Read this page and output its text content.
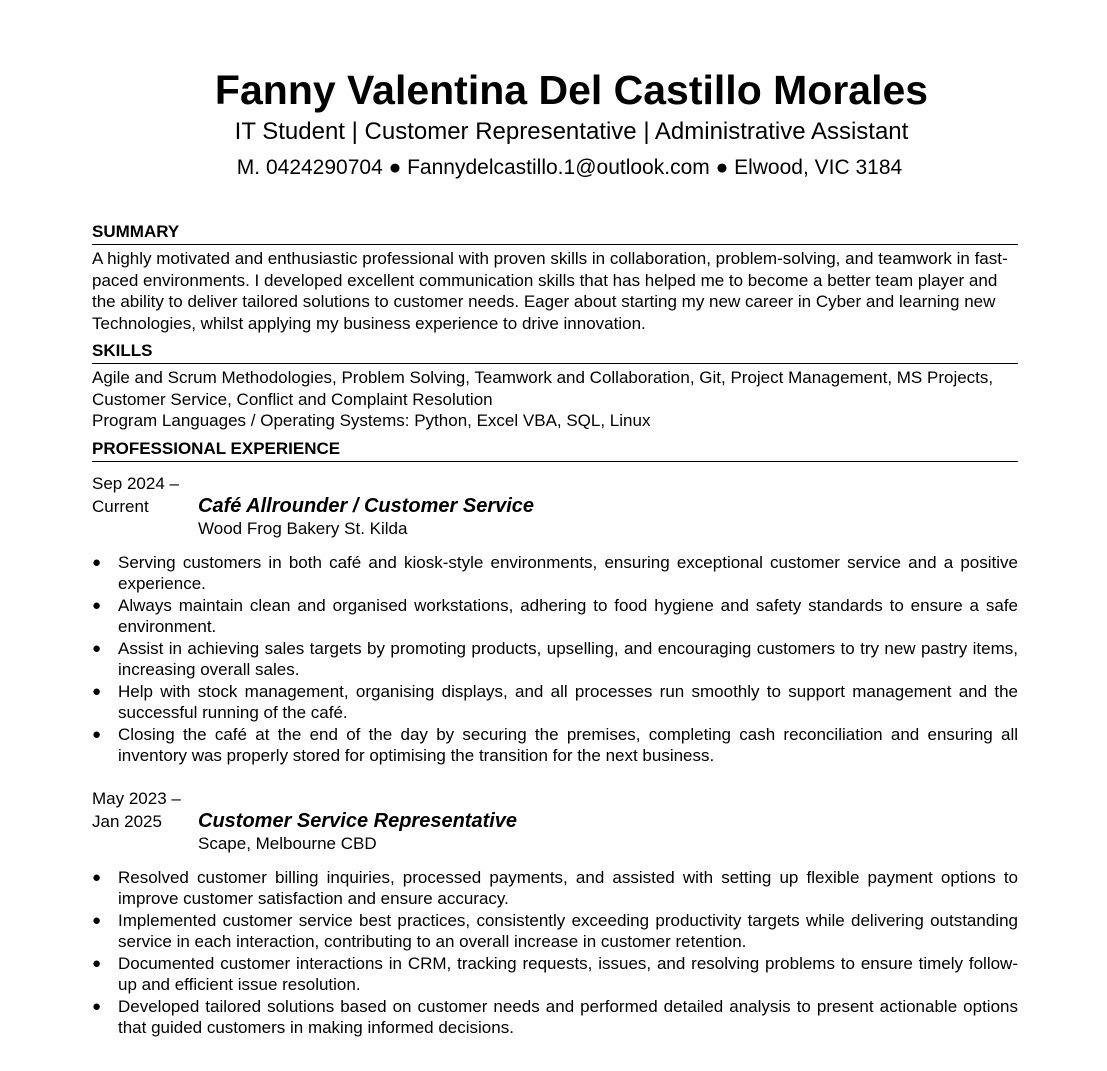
Fanny Valentina Del Castillo Morales
IT Student | Customer Representative | Administrative Assistant
M. 0424290704 ● Fannydelcastillo.1@outlook.com ● Elwood, VIC 3184
SUMMARY

A highly motivated and enthusiastic professional with proven skills in collaboration, problem-solving, and teamwork in fast-paced environments. I developed excellent communication skills that has helped me to become a better team player and the ability to deliver tailored solutions to customer needs. Eager about starting my new career in Cyber and learning new Technologies, whilst applying my business experience to drive innovation.

SKILLS
Agile and Scrum Methodologies, Problem Solving, Teamwork and Collaboration, Git, Project Management, MS Projects, Customer Service, Conflict and Complaint Resolution
Program Languages / Operating Systems: Python, Excel VBA, SQL, Linux
PROFESSIONAL EXPERIENCE
Sep 2024 – Current	Café Allrounder / Customer Service
Wood Frog Bakery St. Kilda
● Serving customers in both café and kiosk-style environments, ensuring exceptional customer service and a positive experience.
● Always maintain clean and organised workstations, adhering to food hygiene and safety standards to ensure a safe environment.
● Assist in achieving sales targets by promoting products, upselling, and encouraging customers to try new pastry items, increasing overall sales.
● Help with stock management, organising displays, and all processes run smoothly to support management and the successful running of the café.
● Closing the café at the end of the day by securing the premises, completing cash reconciliation and ensuring all inventory was properly stored for optimising the transition for the next business.
May 2023 – Jan 2025	Customer Service Representative
Scape, Melbourne CBD
● Resolved customer billing inquiries, processed payments, and assisted with setting up flexible payment options to improve customer satisfaction and ensure accuracy.
● Implemented customer service best practices, consistently exceeding productivity targets while delivering outstanding service in each interaction, contributing to an overall increase in customer retention.
● Documented customer interactions in CRM, tracking requests, issues, and resolving problems to ensure timely follow-up and efficient issue resolution.
● Developed tailored solutions based on customer needs and performed detailed analysis to present actionable options that guided customers in making informed decisions.
